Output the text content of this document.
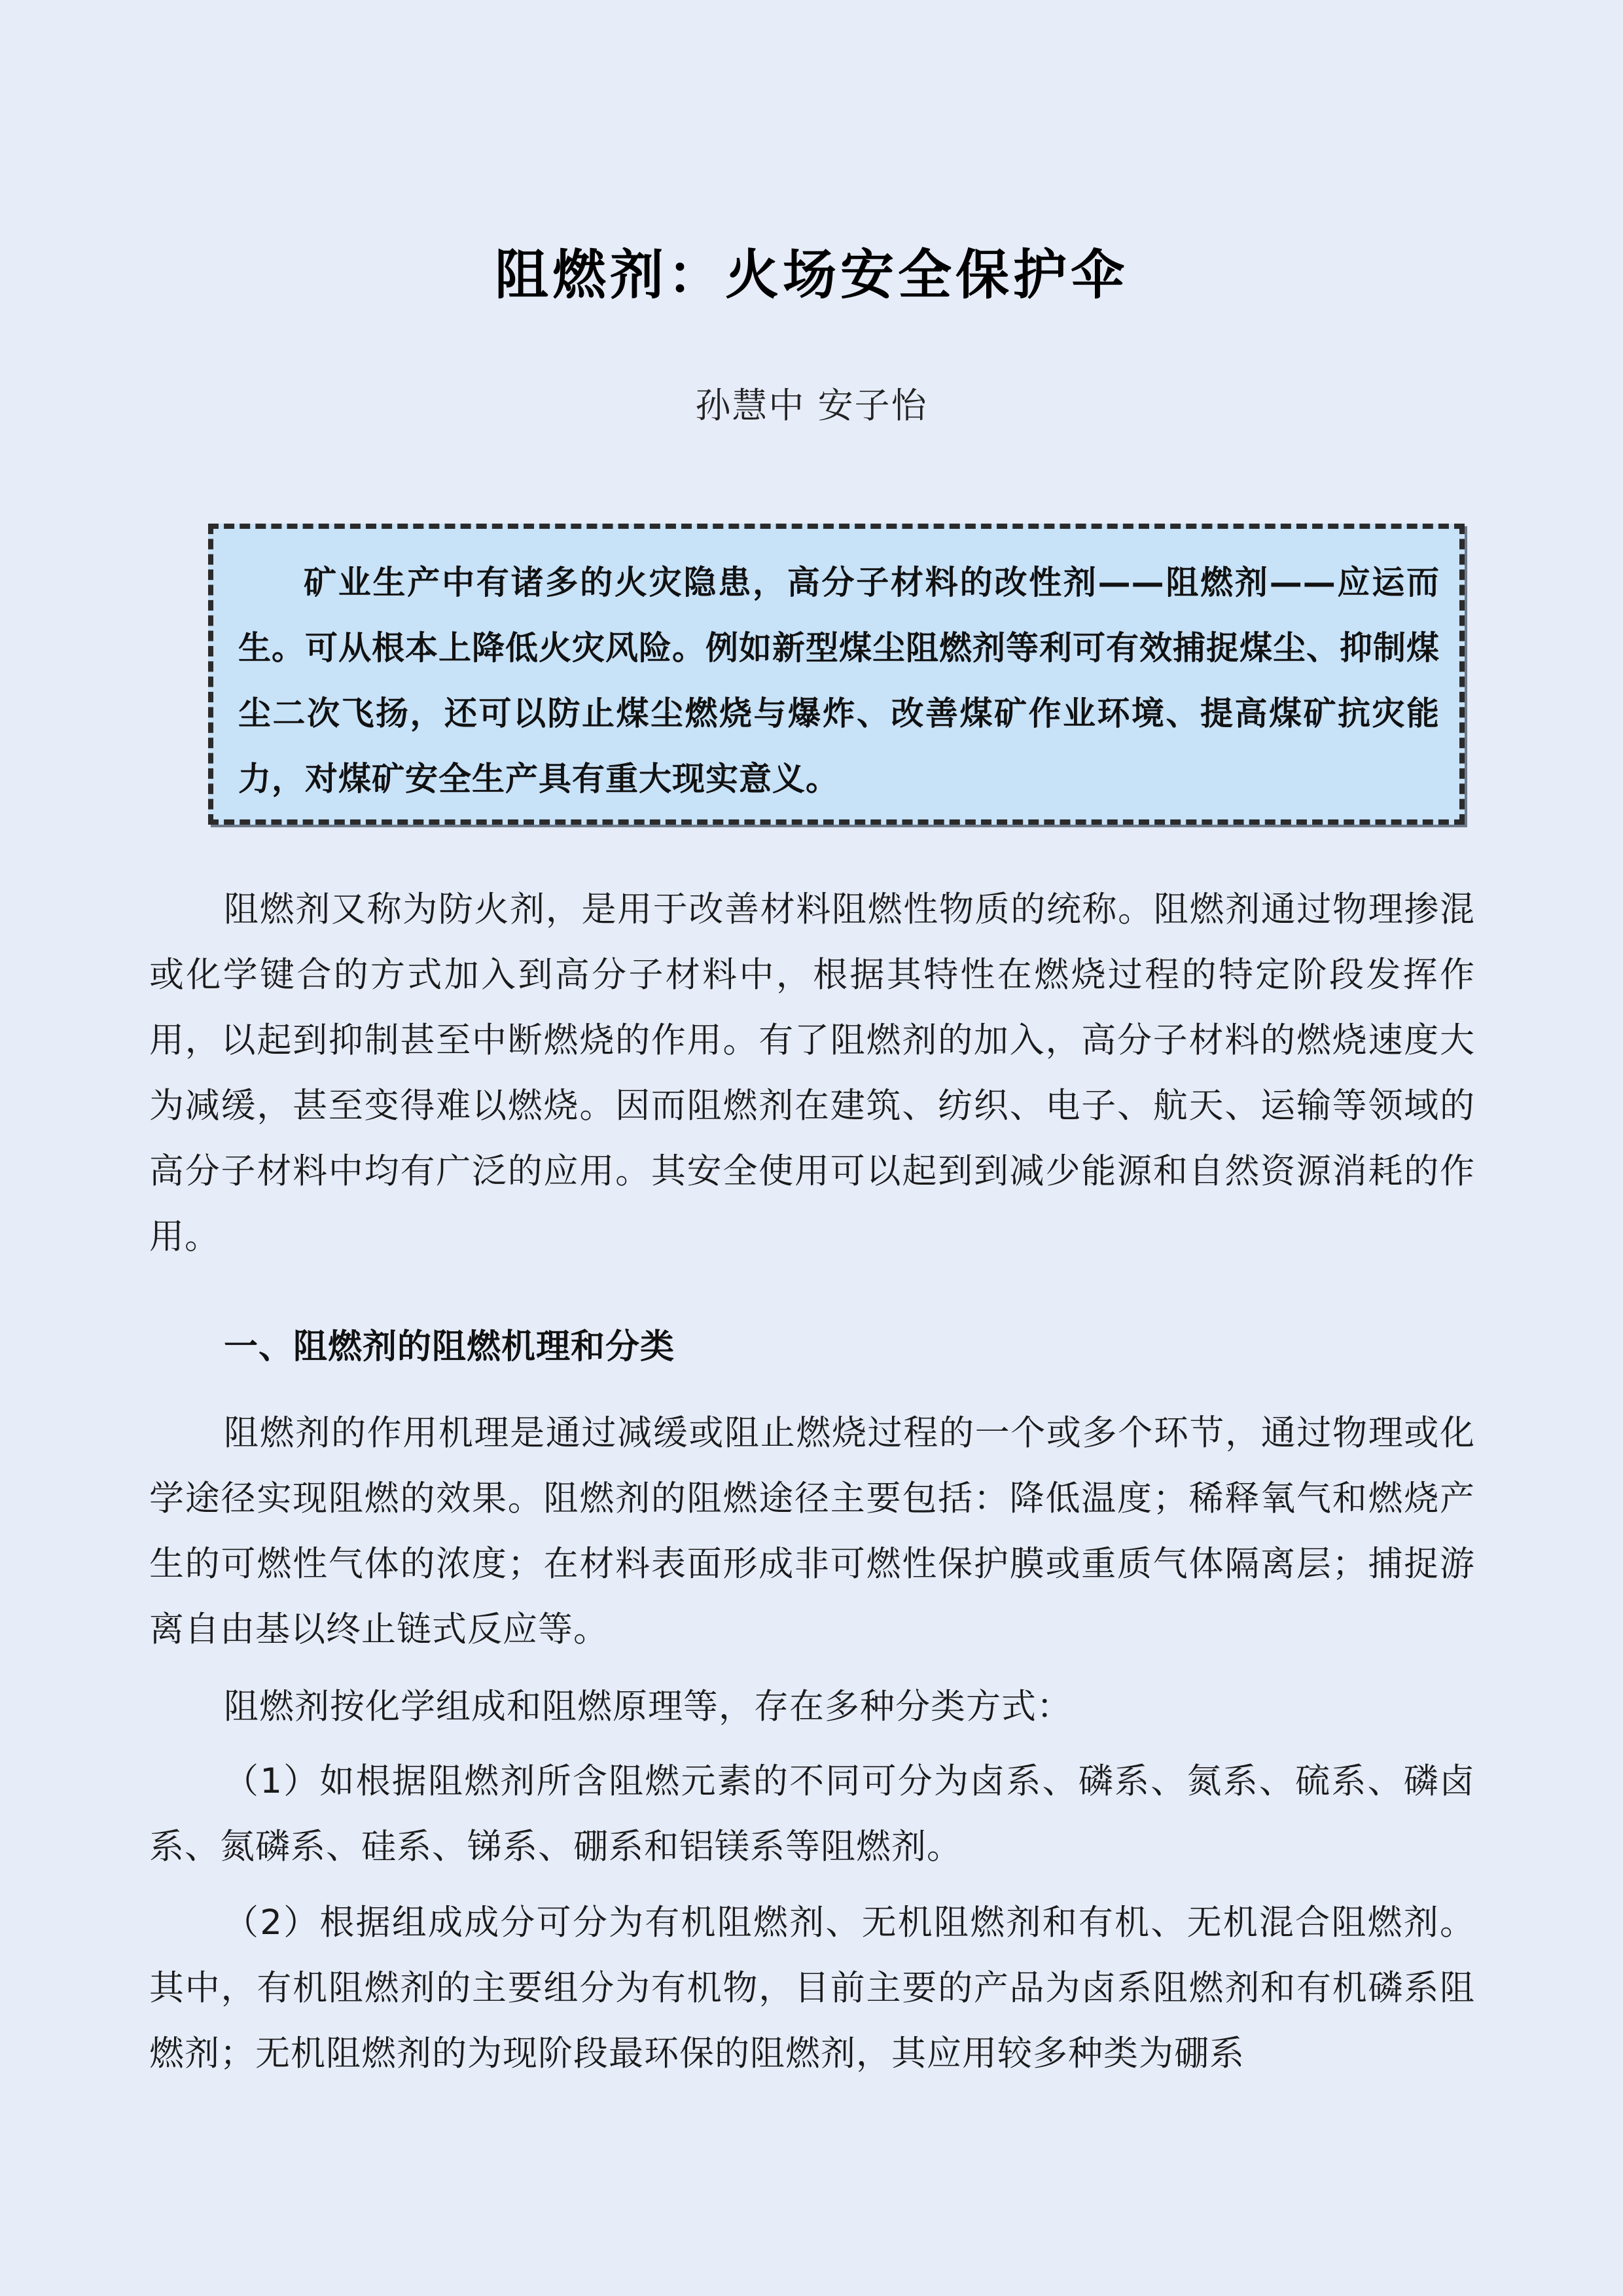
阻燃剂：火场安全保护伞
孙慧中 安子怡
矿业生产中有诸多的火灾隐患，高分子材料的改性剂——阻燃剂——应运而生。可从根本上降低火灾风险。例如新型煤尘阻燃剂等利可有效捕捉煤尘、抑制煤尘二次飞扬，还可以防止煤尘燃烧与爆炸、改善煤矿作业环境、提高煤矿抗灾能力，对煤矿安全生产具有重大现实意义。
阻燃剂又称为防火剂，是用于改善材料阻燃性物质的统称。阻燃剂通过物理掺混或化学键合的方式加入到高分子材料中，根据其特性在燃烧过程的特定阶段发挥作用，以起到抑制甚至中断燃烧的作用。有了阻燃剂的加入，高分子材料的燃烧速度大为减缓，甚至变得难以燃烧。因而阻燃剂在建筑、纺织、电子、航天、运输等领域的高分子材料中均有广泛的应用。其安全使用可以起到到减少能源和自然资源消耗的作用。
一、阻燃剂的阻燃机理和分类
阻燃剂的作用机理是通过减缓或阻止燃烧过程的一个或多个环节，通过物理或化学途径实现阻燃的效果。阻燃剂的阻燃途径主要包括：降低温度；稀释氧气和燃烧产生的可燃性气体的浓度；在材料表面形成非可燃性保护膜或重质气体隔离层；捕捉游离自由基以终止链式反应等。
阻燃剂按化学组成和阻燃原理等，存在多种分类方式：
（1）如根据阻燃剂所含阻燃元素的不同可分为卤系、磷系、氮系、硫系、磷卤系、氮磷系、硅系、锑系、硼系和铝镁系等阻燃剂。
（2）根据组成成分可分为有机阻燃剂、无机阻燃剂和有机、无机混合阻燃剂。其中，有机阻燃剂的主要组分为有机物，目前主要的产品为卤系阻燃剂和有机磷系阻燃剂；无机阻燃剂的为现阶段最环保的阻燃剂，其应用较多种类为硼系
